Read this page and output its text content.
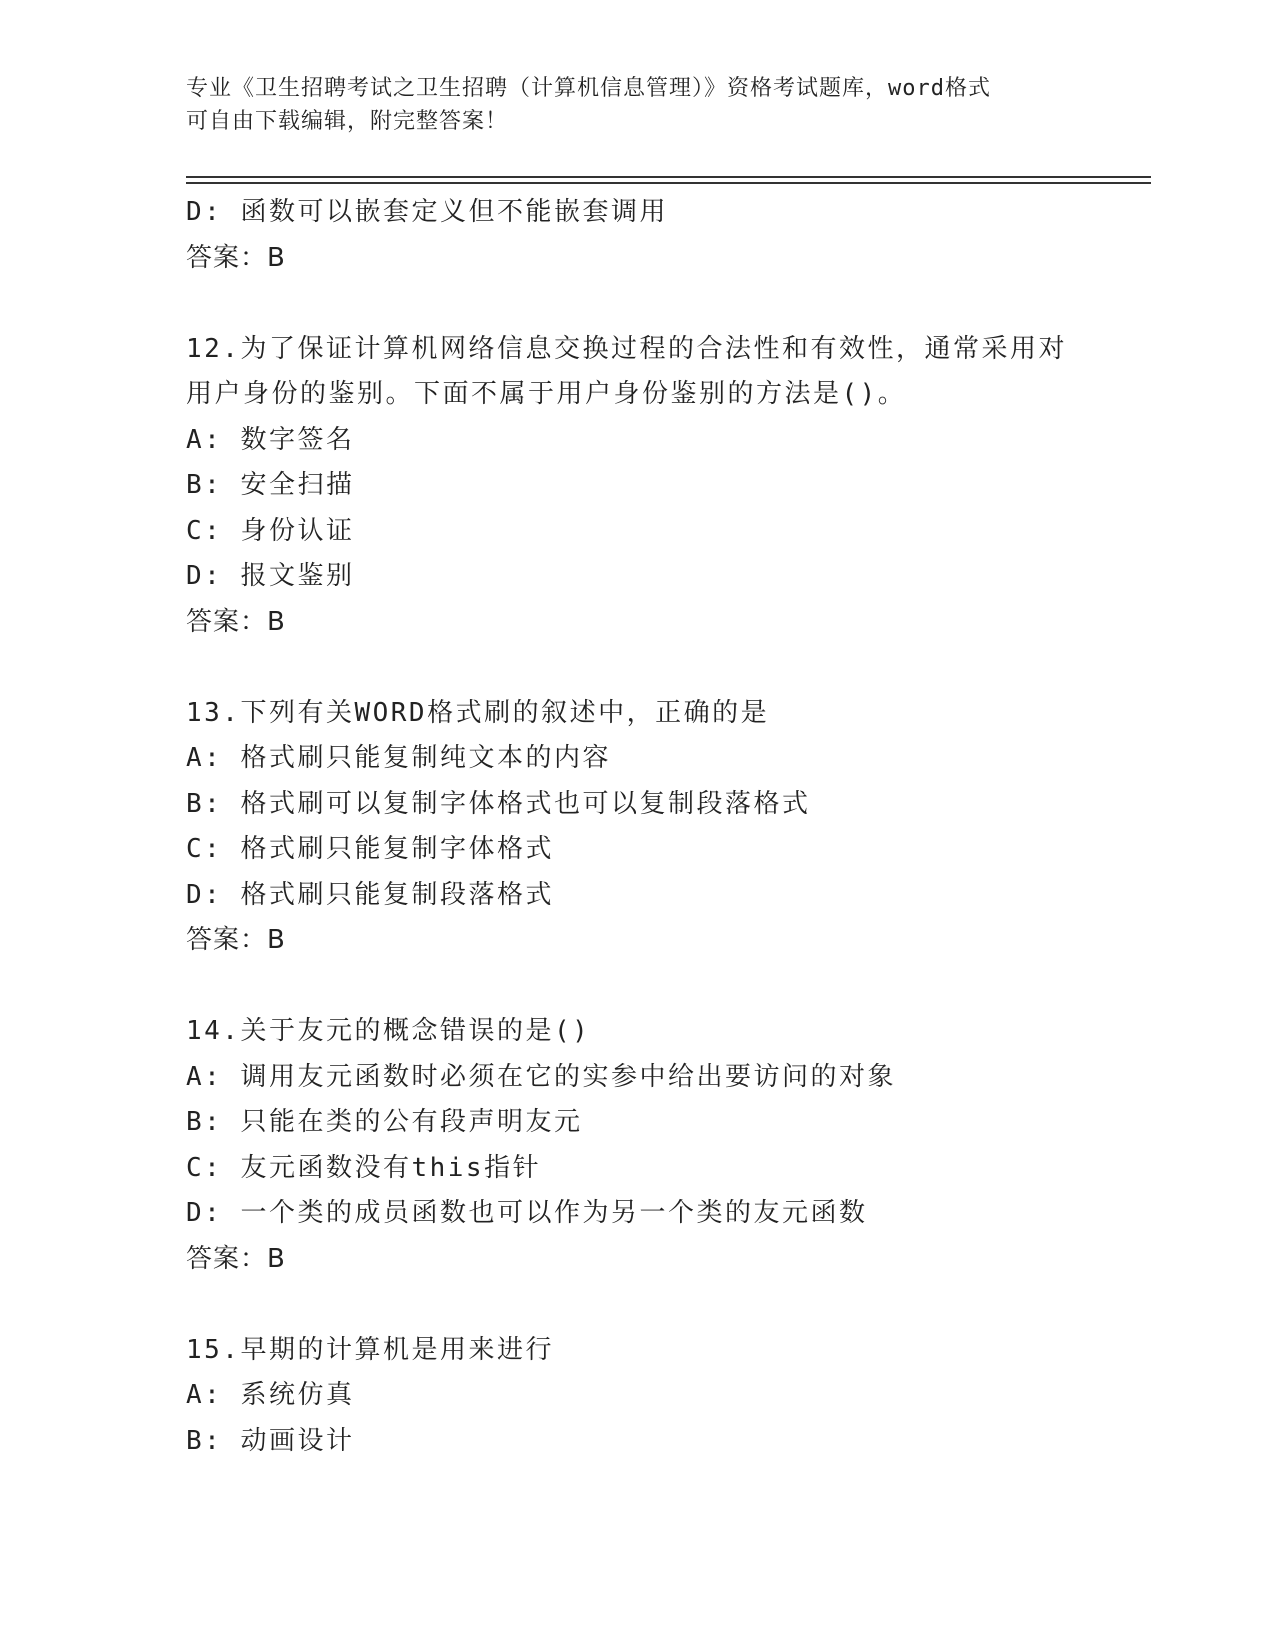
专业《卫生招聘考试之卫生招聘（计算机信息管理）》资格考试题库，word格式
可自由下载编辑，附完整答案！
D: 函数可以嵌套定义但不能嵌套调用
答案：B
12.为了保证计算机网络信息交换过程的合法性和有效性，通常采用对
用户身份的鉴别。下面不属于用户身份鉴别的方法是()。
A: 数字签名
B: 安全扫描
C: 身份认证
D: 报文鉴别
答案：B
13.下列有关WORD格式刷的叙述中，正确的是
A: 格式刷只能复制纯文本的内容
B: 格式刷可以复制字体格式也可以复制段落格式
C: 格式刷只能复制字体格式
D: 格式刷只能复制段落格式
答案：B
14.关于友元的概念错误的是()
A: 调用友元函数时必须在它的实参中给出要访问的对象
B: 只能在类的公有段声明友元
C: 友元函数没有this指针
D: 一个类的成员函数也可以作为另一个类的友元函数
答案：B
15.早期的计算机是用来进行
A: 系统仿真
B: 动画设计
